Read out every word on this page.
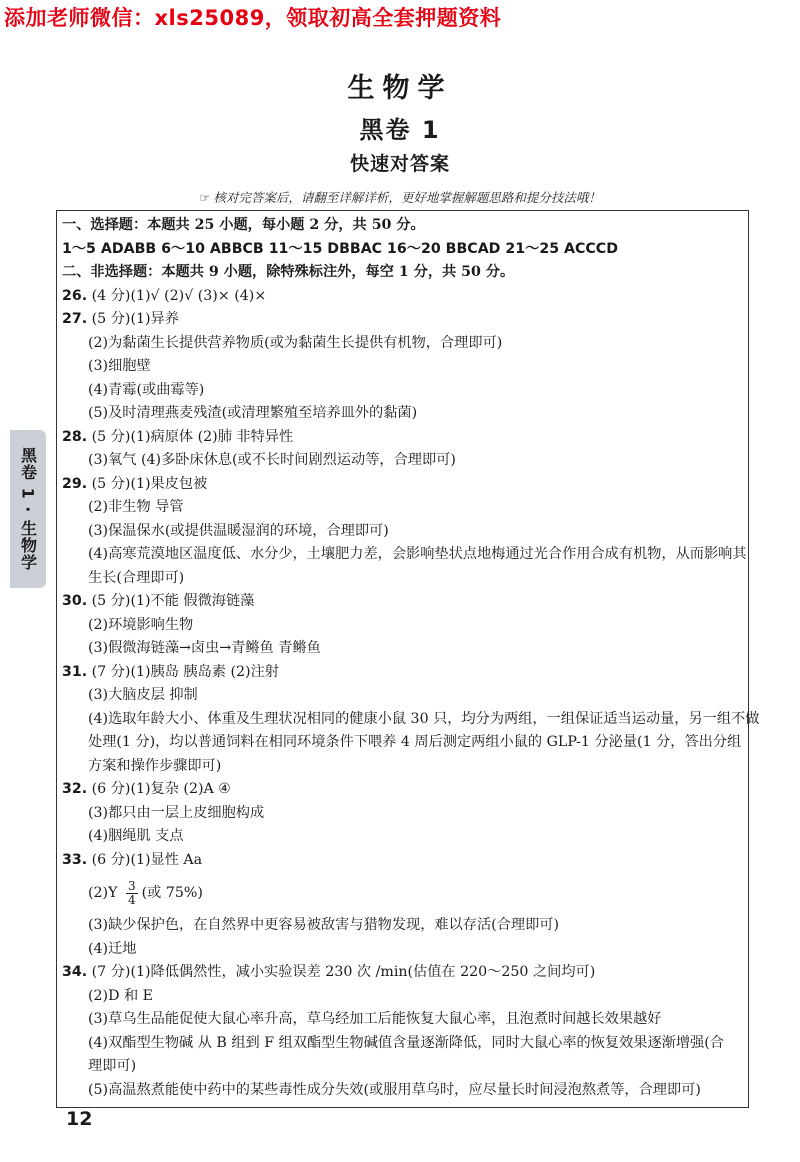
添加老师微信：xls25089，领取初高全套押题资料
生物学
黑卷 1
快速对答案
☞ 核对完答案后，请翻至详解详析，更好地掌握解题思路和提分技法哦！
黑卷 1 · 生物学
一、选择题：本题共 25 小题，每小题 2 分，共 50 分。
1～5 ADABB 6～10 ABBCB 11～15 DBBAC 16～20 BBCAD 21～25 ACCCD
二、非选择题：本题共 9 小题，除特殊标注外，每空 1 分，共 50 分。
26. (4 分)(1)√ (2)√ (3)× (4)×
27. (5 分)(1)异养
(2)为黏菌生长提供营养物质(或为黏菌生长提供有机物，合理即可)
(3)细胞壁
(4)青霉(或曲霉等)
(5)及时清理燕麦残渣(或清理繁殖至培养皿外的黏菌)
28. (5 分)(1)病原体 (2)肺 非特异性
(3)氧气 (4)多卧床休息(或不长时间剧烈运动等，合理即可)
29. (5 分)(1)果皮包被
(2)非生物 导管
(3)保温保水(或提供温暖湿润的环境，合理即可)
(4)高寒荒漠地区温度低、水分少，土壤肥力差，会影响垫状点地梅通过光合作用合成有机物，从而影响其
生长(合理即可)
30. (5 分)(1)不能 假微海链藻
(2)环境影响生物
(3)假微海链藻→卤虫→青鳉鱼 青鳉鱼
31. (7 分)(1)胰岛 胰岛素 (2)注射
(3)大脑皮层 抑制
(4)选取年龄大小、体重及生理状况相同的健康小鼠 30 只，均分为两组，一组保证适当运动量，另一组不做
处理(1 分)，均以普通饲料在相同环境条件下喂养 4 周后测定两组小鼠的 GLP-1 分泌量(1 分，答出分组
方案和操作步骤即可)
32. (6 分)(1)复杂 (2)A ④
(3)都只由一层上皮细胞构成
(4)胭绳肌 支点
33. (6 分)(1)显性 Aa
$(2)Y \frac{3}{4}$ (或 75%)
(3)缺少保护色，在自然界中更容易被敌害与猎物发现，难以存活(合理即可)
(4)迁地
34. (7 分)(1)降低偶然性，减小实验误差 230 次 /min(估值在 220～250 之间均可)
(2)D 和 E
(3)草乌生品能促使大鼠心率升高，草乌经加工后能恢复大鼠心率，且泡煮时间越长效果越好
(4)双酯型生物碱 从 B 组到 F 组双酯型生物碱值含量逐渐降低，同时大鼠心率的恢复效果逐渐增强(合
理即可)
(5)高温熬煮能使中药中的某些毒性成分失效(或服用草乌时，应尽量长时间浸泡熬煮等，合理即可)
12
